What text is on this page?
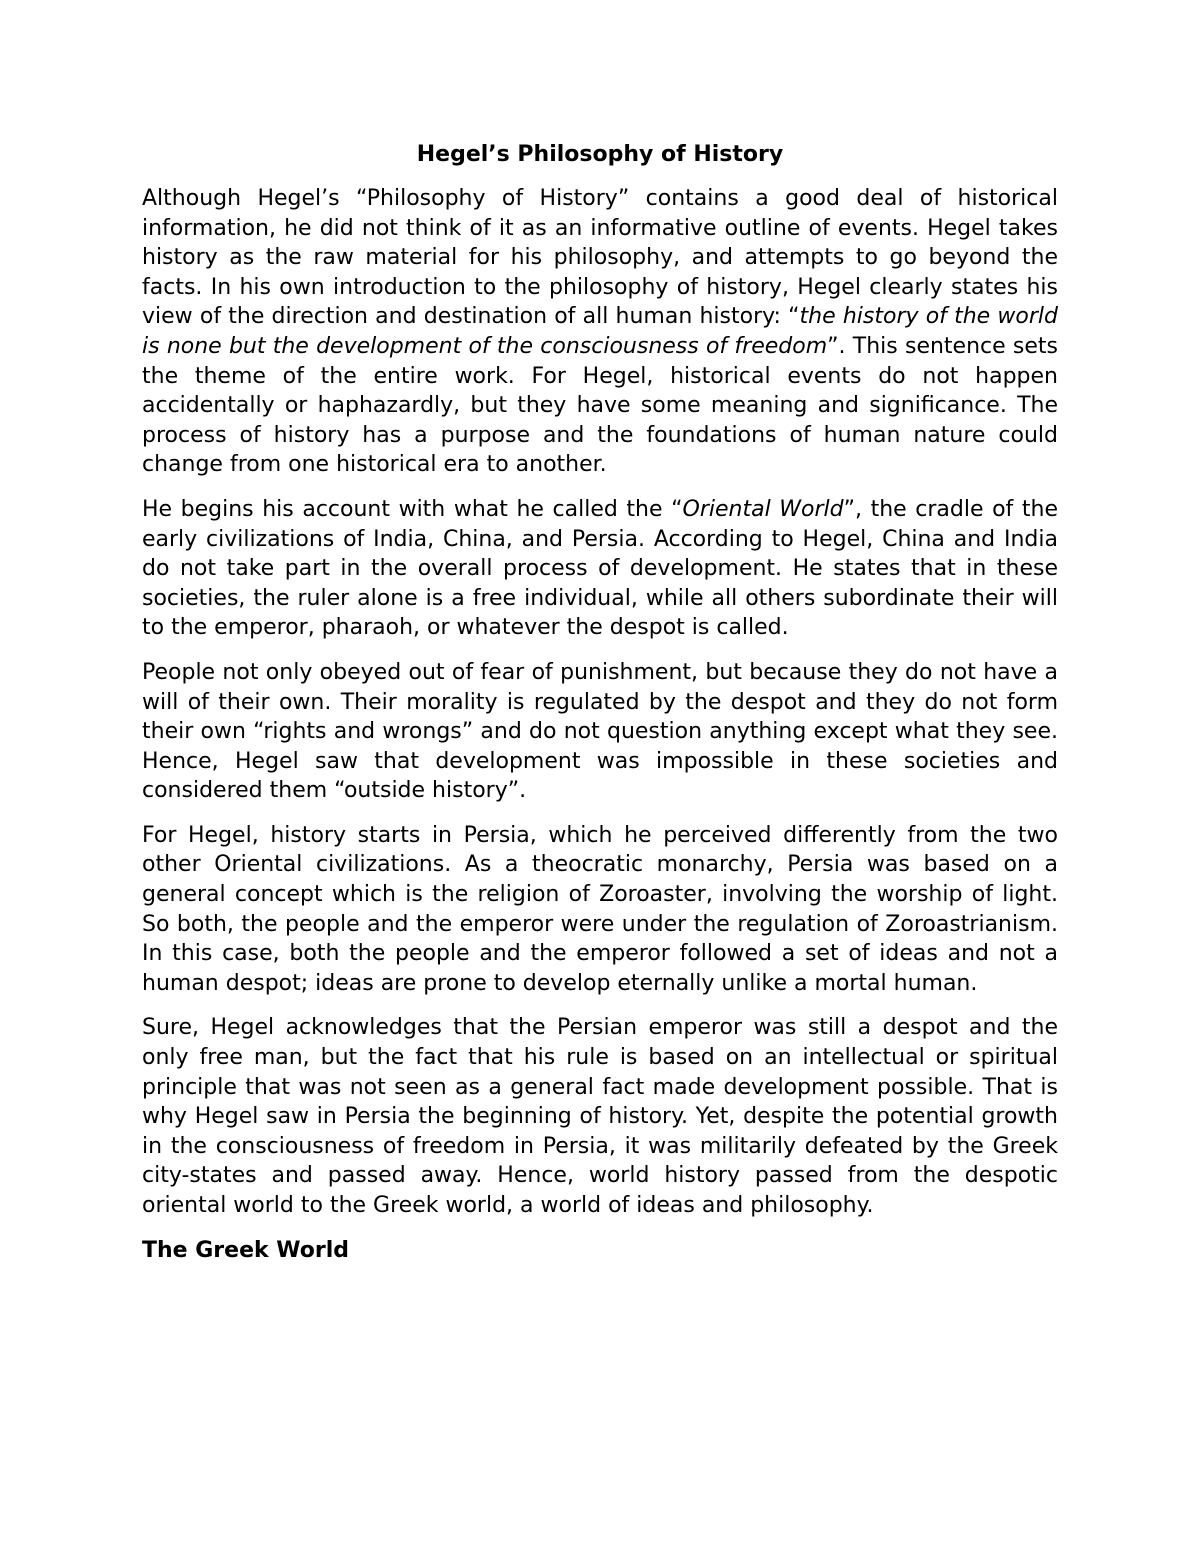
Hegel’s Philosophy of History

Although Hegel’s “Philosophy of History” contains a good deal of historical information, he did not think of it as an informative outline of events. Hegel takes history as the raw material for his philosophy, and attempts to go beyond the facts. In his own introduction to the philosophy of history, Hegel clearly states his view of the direction and destination of all human history: “the history of the world is none but the development of the consciousness of freedom”. This sentence sets the theme of the entire work. For Hegel, historical events do not happen accidentally or haphazardly, but they have some meaning and significance. The process of history has a purpose and the foundations of human nature could change from one historical era to another.

He begins his account with what he called the “Oriental World”, the cradle of the early civilizations of India, China, and Persia. According to Hegel, China and India do not take part in the overall process of development. He states that in these societies, the ruler alone is a free individual, while all others subordinate their will to the emperor, pharaoh, or whatever the despot is called.

People not only obeyed out of fear of punishment, but because they do not have a will of their own. Their morality is regulated by the despot and they do not form their own “rights and wrongs” and do not question anything except what they see. Hence, Hegel saw that development was impossible in these societies and considered them “outside history”.

For Hegel, history starts in Persia, which he perceived differently from the two other Oriental civilizations. As a theocratic monarchy, Persia was based on a general concept which is the religion of Zoroaster, involving the worship of light. So both, the people and the emperor were under the regulation of Zoroastrianism. In this case, both the people and the emperor followed a set of ideas and not a human despot; ideas are prone to develop eternally unlike a mortal human.

Sure, Hegel acknowledges that the Persian emperor was still a despot and the only free man, but the fact that his rule is based on an intellectual or spiritual principle that was not seen as a general fact made development possible. That is why Hegel saw in Persia the beginning of history. Yet, despite the potential growth in the consciousness of freedom in Persia, it was militarily defeated by the Greek city-states and passed away. Hence, world history passed from the despotic oriental world to the Greek world, a world of ideas and philosophy.

The Greek World
